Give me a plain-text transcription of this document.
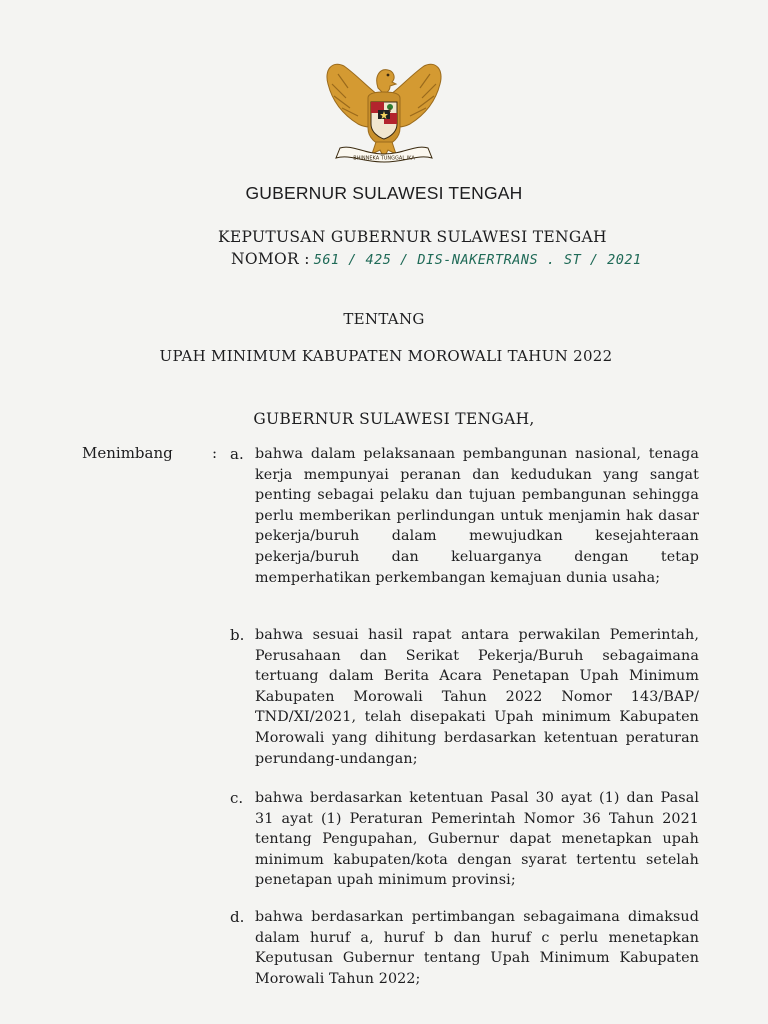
BHINNEKA TUNGGAL IKA
GUBERNUR SULAWESI TENGAH
KEPUTUSAN GUBERNUR SULAWESI TENGAH
NOMOR : 561 / 425 / DIS-NAKERTRANS . ST / 2021
TENTANG
UPAH MINIMUM KABUPATEN MOROWALI TAHUN 2022
GUBERNUR SULAWESI TENGAH,
Menimbang	: a. bahwa dalam pelaksanaan pembangunan nasional, tenaga kerja mempunyai peranan dan kedudukan yang sangat penting sebagai pelaku dan tujuan pembangunan sehingga perlu memberikan perlindungan untuk menjamin hak dasar pekerja/buruh dalam mewujudkan kesejahteraan pekerja/buruh dan keluarganya dengan tetap memperhatikan perkembangan kemajuan dunia usaha;
b. bahwa sesuai hasil rapat antara perwakilan Pemerintah, Perusahaan dan Serikat Pekerja/Buruh sebagaimana tertuang dalam Berita Acara Penetapan Upah Minimum Kabupaten Morowali Tahun 2022 Nomor 143/BAP/ TND/XI/2021, telah disepakati Upah minimum Kabupaten Morowali yang dihitung berdasarkan ketentuan peraturan perundang-undangan;
c. bahwa berdasarkan ketentuan Pasal 30 ayat (1) dan Pasal 31 ayat (1) Peraturan Pemerintah Nomor 36 Tahun 2021 tentang Pengupahan, Gubernur dapat menetapkan upah minimum kabupaten/kota dengan syarat tertentu setelah penetapan upah minimum provinsi;
d. bahwa berdasarkan pertimbangan sebagaimana dimaksud dalam huruf a, huruf b dan huruf c perlu menetapkan Keputusan Gubernur tentang Upah Minimum Kabupaten Morowali Tahun 2022;
